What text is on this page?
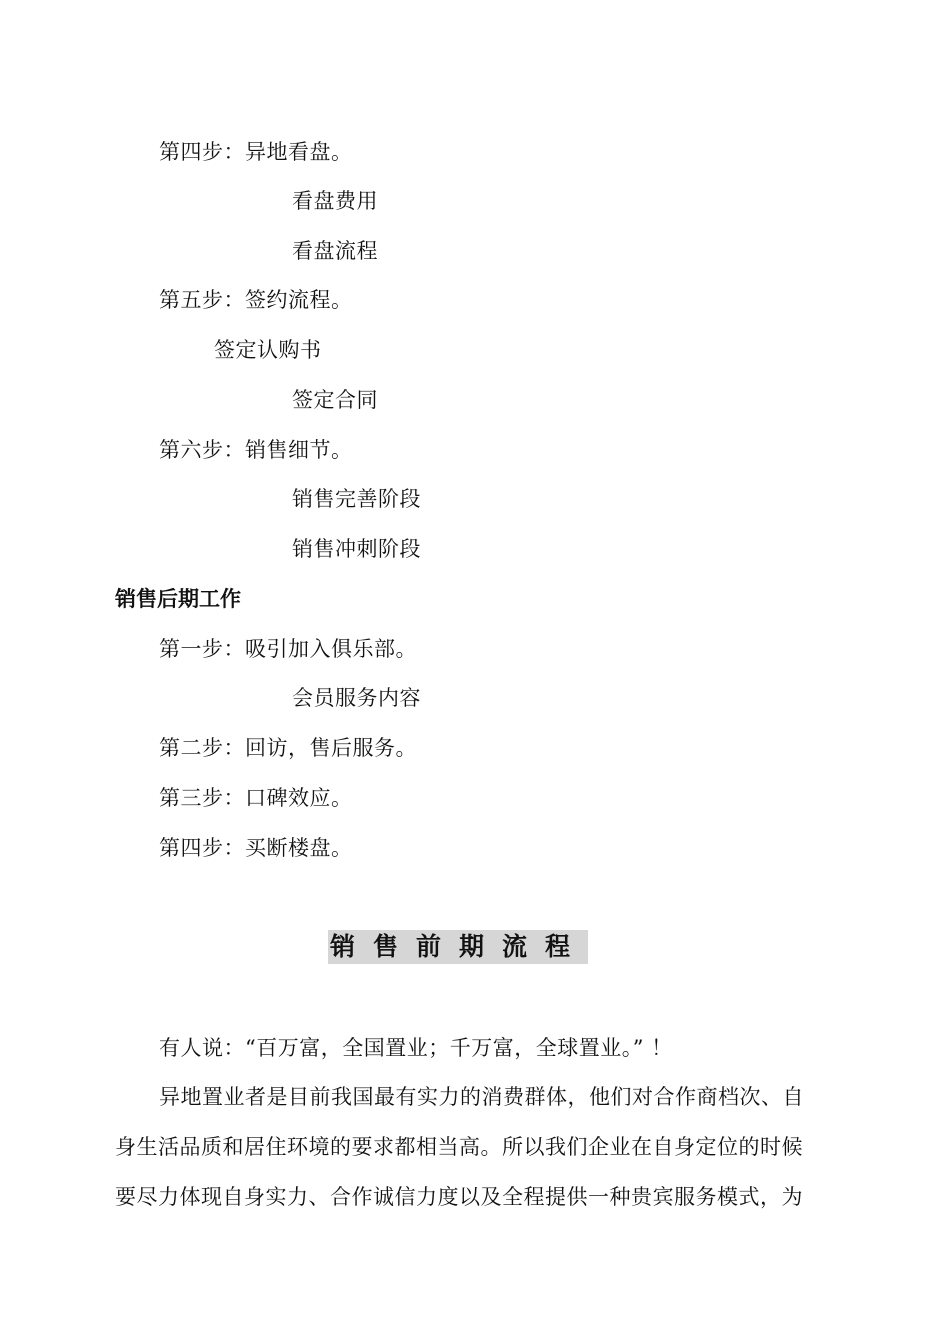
第四步：异地看盘。
看盘费用
看盘流程
第五步：签约流程。
签定认购书
签定合同
第六步：销售细节。
销售完善阶段
销售冲刺阶段
销售后期工作
第一步：吸引加入俱乐部。
会员服务内容
第二步：回访，售后服务。
第三步：口碑效应。
第四步：买断楼盘。
销售前期流程
有人说：“百万富，全国置业；千万富，全球置业。” ！
异地置业者是目前我国最有实力的消费群体，他们对合作商档次、自
身生活品质和居住环境的要求都相当高。所以我们企业在自身定位的时候
要尽力体现自身实力、合作诚信力度以及全程提供一种贵宾服务模式，为
